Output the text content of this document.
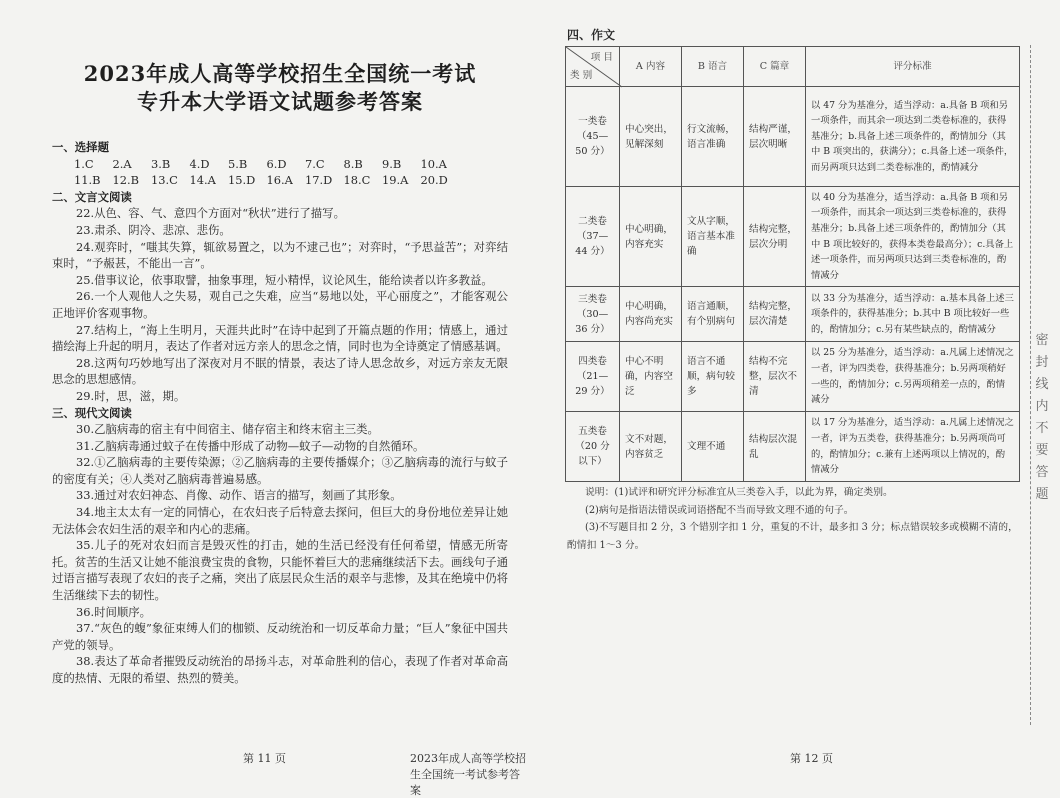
2023年成人高等学校招生全国统一考试
专升本大学语文试题参考答案
一、选择题
1.C	2.A	3.B	4.D	5.B	6.D	7.C	8.B	9.B	10.A
11.B	12.B	13.C	14.A	15.D 16.A	17.D 18.C	19.A	20.D
二、文言文阅读
22.从色、容、气、意四个方面对“秋状”进行了描写。
23.肃杀、阴冷、悲凉、悲伤。
24.观弈时，“嗤其失算，辄欲易置之，以为不逮己也”；对弈时，“予思益苦”；对弈结束时，“予赧甚，不能出一言”。
25.借事议论，依事取譬，抽象事理，短小精悍，议论风生，能给读者以许多教益。
26.一个人观他人之失易，观自己之失难，应当“易地以处，平心丽度之”，才能客观公正地评价客观事物。
27.结构上，“海上生明月，天涯共此时”在诗中起到了开篇点题的作用；情感上，通过描绘海上升起的明月，表达了作者对远方亲人的思念之情，同时也为全诗奠定了情感基调。
28.这两句巧妙地写出了深夜对月不眠的情景，表达了诗人思念故乡，对远方亲友无限思念的思想感情。
29.时，思，滋，期。
三、现代文阅读
30.乙脑病毒的宿主有中间宿主、储存宿主和终末宿主三类。
31.乙脑病毒通过蚊子在传播中形成了动物—蚊子—动物的自然循环。
32.①乙脑病毒的主要传染源；②乙脑病毒的主要传播媒介；③乙脑病毒的流行与蚊子的密度有关；④人类对乙脑病毒普遍易感。
33.通过对农妇神态、肖像、动作、语言的描写，刻画了其形象。
34.地主太太有一定的同情心，在农妇丧子后特意去探问，但巨大的身份地位差异让她无法体会农妇生活的艰辛和内心的悲痛。
35.儿子的死对农妇而言是毁灭性的打击，她的生活已经没有任何希望，情感无所寄托。贫苦的生活又让她不能浪费宝贵的食物，只能怀着巨大的悲痛继续活下去。画线句子通过语言描写表现了农妇的丧子之痛，突出了底层民众生活的艰辛与悲惨，及其在绝境中仍将生活继续下去的韧性。
36.时间顺序。
37.“灰色的蝮”象征束缚人们的枷锁、反动统治和一切反革命力量；“巨人”象征中国共产党的领导。
38.表达了革命者摧毁反动统治的昂扬斗志，对革命胜利的信心，表现了作者对革命高度的热情、无限的希望、热烈的赞美。
第 11 页	2023年成人高等学校招生全国统一考试参考答案
四、作文
项 目
类 别	A 内容	B 语言	C 篇章	评分标准

一类卷
（45—50 分）	中心突出，见解深刻	行文流畅，语言准确	结构严谨，层次明晰	以 47 分为基准分，适当浮动：a.具备 B 项和另一项条件，而其余一项达到二类卷标准的，获得基准分；b.具备上述三项条件的，酌情加分（其中 B 项突出的，获满分）；c.具备上述一项条件，而另两项只达到二类卷标准的，酌情减分

二类卷
（37—44 分）	中心明确，内容充实	文从字顺，语言基本准确	结构完整，层次分明	以 40 分为基准分，适当浮动：a.具备 B 项和另一项条件，而其余一项达到三类卷标准的，获得基准分；b.具备上述三项条件的，酌情加分（其中 B 项比较好的，获得本类卷最高分）；c.具备上述一项条件，而另两项只达到三类卷标准的，酌情减分

三类卷
（30—36 分）	中心明确，内容尚充实	语言通顺，有个别病句	结构完整，层次清楚	以 33 分为基准分，适当浮动：a.基本具备上述三项条件的，获得基准分；b.其中 B 项比较好一些的，酌情加分；c.另有某些缺点的，酌情减分

四类卷
（21—29 分）	中心不明确，内容空泛	语言不通顺，病句较多	结构不完整，层次不清	以 25 分为基准分，适当浮动：a.凡属上述情况之一者，评为四类卷，获得基准分；b.另两项稍好一些的，酌情加分；c.另两项稍差一点的，酌情减分

五类卷
（20 分以下）	文不对题，内容贫乏	文理不通	结构层次混乱	以 17 分为基准分，适当浮动：a.凡属上述情况之一者，评为五类卷，获得基准分；b.另两项尚可的，酌情加分；c.兼有上述两项以上情况的，酌情减分

说明：(1)试评和研究评分标准宜从三类卷入手，以此为界，确定类别。

(2)病句是指语法错误或词语搭配不当而导致文理不通的句子。

(3)不写题目扣 2 分，3 个错别字扣 1 分，重复的不计，最多扣 3 分；标点错误较多或模糊不清的，酌情扣 1～3 分。

第 12 页
密封线内不要答题
